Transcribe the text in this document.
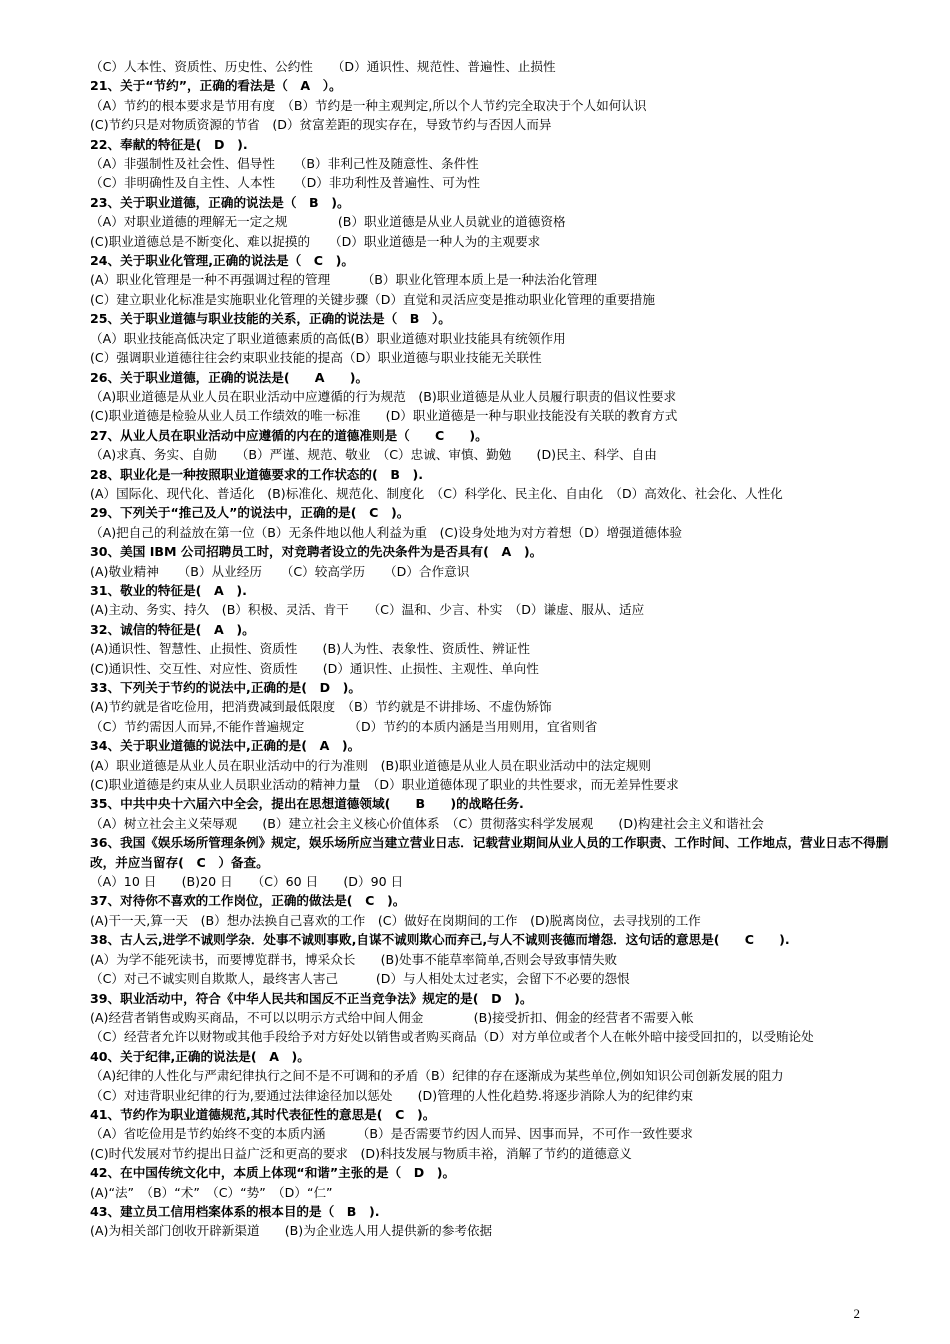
（C）人本性、资质性、历史性、公约性　　（D）通识性、规范性、普遍性、止损性
21、关于“节约”，正确的看法是（　A　）。
（A）节约的根本要求是节用有度　（B）节约是一种主观判定,所以个人节约完全取决于个人如何认识
(C)节约只是对物质资源的节省　(D）贫富差距的现实存在，导致节约与否因人而异
22、奉献的特征是(　D　).
（A）非强制性及社会性、倡导性　　（B）非利己性及随意性、条件性
（C）非明确性及自主性、人本性　　（D）非功利性及普遍性、可为性
23、关于职业道德，正确的说法是（　B　)。
（A）对职业道德的理解无一定之规　　　　(B）职业道德是从业人员就业的道德资格
(C)职业道德总是不断变化、难以捉摸的　　（D）职业道德是一种人为的主观要求
24、关于职业化管理,正确的说法是（　C　)。
(A）职业化管理是一种不再强调过程的管理　　　（B）职业化管理本质上是一种法治化管理
(C）建立职业化标准是实施职业化管理的关键步骤（D）直觉和灵活应变是推动职业化管理的重要措施
25、关于职业道德与职业技能的关系，正确的说法是（　B　）。
（A）职业技能高低决定了职业道德素质的高低(B）职业道德对职业技能具有统领作用
(C）强调职业道德往往会约束职业技能的提高（D）职业道德与职业技能无关联性
26、关于职业道德，正确的说法是(　　A　　)。
（A)职业道德是从业人员在职业活动中应遵循的行为规范　(B)职业道德是从业人员履行职责的倡议性要求
(C)职业道德是检验从业人员工作绩效的唯一标准　　(D）职业道德是一种与职业技能没有关联的教育方式
27、从业人员在职业活动中应遵循的内在的道德准则是（　　C　　)。
（A)求真、务实、自勋　　（B）严谨、规范、敬业　（C）忠诚、审慎、勤勉　　(D)民主、科学、自由
28、职业化是一种按照职业道德要求的工作状态的(　B　).
(A）国际化、现代化、普适化　(B)标准化、规范化、制度化　（C）科学化、民主化、自由化　（D）高效化、社会化、人性化
29、下列关于“推己及人”的说法中，正确的是(　C　)。
（A)把自己的利益放在第一位（B）无条件地以他人利益为重　(C)设身处地为对方着想（D）增强道德体验
30、美国 IBM 公司招聘员工时，对竞聘者设立的先决条件为是否具有(　A　)。
(A)敬业精神　　（B）从业经历　　（C）较高学历　　（D）合作意识
31、敬业的特征是(　A　).
(A)主动、务实、持久　(B）积极、灵活、肯干　　（C）温和、少言、朴实　（D）谦虚、服从、适应
32、诚信的特征是(　A　)。
(A)通识性、智慧性、止损性、资质性　　(B)人为性、表象性、资质性、辨证性
(C)通识性、交互性、对应性、资质性　　(D）通识性、止损性、主观性、单向性
33、下列关于节约的说法中,正确的是(　D　)。
(A)节约就是省吃俭用，把消费减到最低限度　（B）节约就是不讲排场、不虚伪矫饰
（C）节约需因人而异,不能作普遍规定　　　　（D）节约的本质内涵是当用则用，宜省则省
34、关于职业道德的说法中,正确的是(　A　)。
(A）职业道德是从业人员在职业活动中的行为准则　(B)职业道德是从业人员在职业活动中的法定规则
(C)职业道德是约束从业人员职业活动的精神力量　（D）职业道德体现了职业的共性要求，而无差异性要求
35、中共中央十六届六中全会，提出在思想道德领域(　　B　　)的战略任务.
（A）树立社会主义荣辱观　　(B）建立社会主义核心价值体系　（C）贯彻落实科学发展观　　(D)构建社会主义和谐社会
36、我国《娱乐场所管理条例》规定，娱乐场所应当建立营业日志．记载营业期间从业人员的工作职责、工作时间、工作地点，营业日志不得删改，并应当留存(　C　）备查。
（A）10 日　　(B)20 日　　（C）60 日　　(D）90 日
37、对待你不喜欢的工作岗位，正确的做法是(　C　)。
(A)干一天,算一天　(B）想办法换自己喜欢的工作　(C）做好在岗期间的工作　(D)脱离岗位，去寻找别的工作
38、古人云,进学不诚则学杂．处事不诚则事败,自谋不诚则欺心而弃己,与人不诚则丧德而增怨．这句话的意思是(　　C　　).
(A）为学不能死读书，而要博览群书，博采众长　　(B)处事不能草率简单,否则会导致事情失败
（C）对己不诚实则自欺欺人，最终害人害己　　　(D）与人相处太过老实，会留下不必要的怨恨
39、职业活动中，符合《中华人民共和国反不正当竞争法》规定的是(　D　)。
(A)经营者销售或购买商品，不可以以明示方式给中间人佣金　　　　(B)接受折扣、佣金的经营者不需要入帐
（C）经营者允许以财物或其他手段给予对方好处以销售或者购买商品（D）对方单位或者个人在帐外暗中接受回扣的，以受贿论处
40、关于纪律,正确的说法是(　A　)。
（A)纪律的人性化与严肃纪律执行之间不是不可调和的矛盾（B）纪律的存在逐渐成为某些单位,例如知识公司创新发展的阻力
（C）对违背职业纪律的行为,要通过法律途径加以惩处　　(D)管理的人性化趋势.将逐步消除人为的纪律约束
41、节约作为职业道德规范,其时代表征性的意思是(　C　)。
（A）省吃俭用是节约始终不变的本质内涵　　　（B）是否需要节约因人而异、因事而异，不可作一致性要求
(C)时代发展对节约提出日益广泛和更高的要求　(D)科技发展与物质丰裕，消解了节约的道德意义
42、在中国传统文化中，本质上体现“和谐”主张的是（　D　)。
(A)“法”　（B）“术”　（C）“势”　（D）“仁”
43、建立员工信用档案体系的根本目的是（　B　).
(A)为相关部门创收开辟新渠道　　(B)为企业选人用人提供新的参考依据
2
